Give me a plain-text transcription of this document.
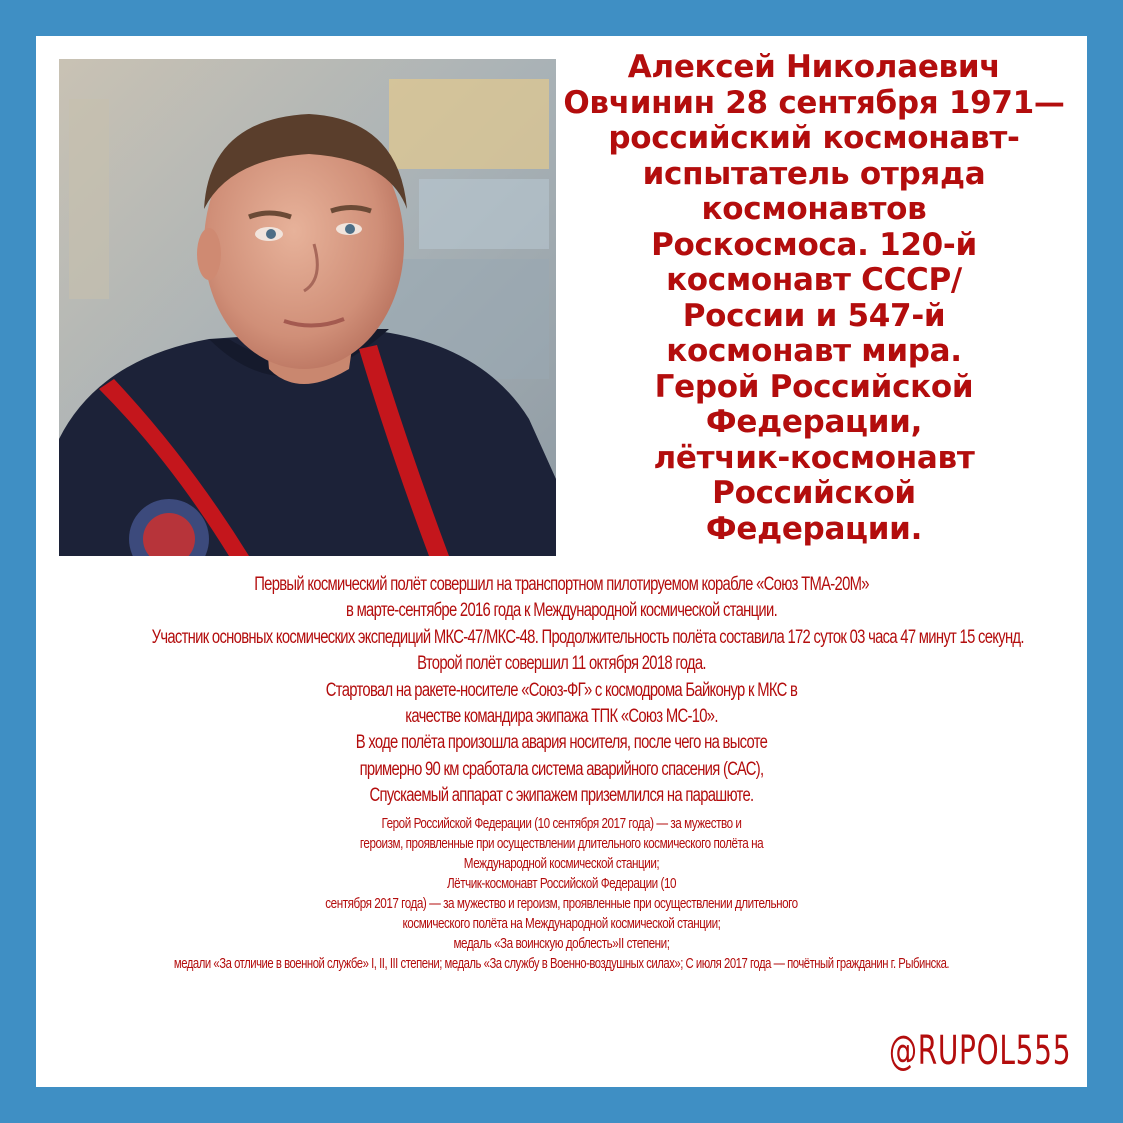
Алексей Николаевич
Овчинин 28 сентября 1971—
российский космонавт-
испытатель отряда
космонавтов
Роскосмоса. 120-й
космонавт СССР/
России и 547-й
космонавт мира.
Герой Российской
Федерации,
лётчик-космонавт
Российской
Федерации.
Первый космический полёт совершил на транспортном пилотируемом корабле «Союз ТМА-20М»
в марте-сентябре 2016 года к Международной космической станции.
Участник основных космических экспедиций МКС-47/МКС-48. Продолжительность полёта составила 172 суток 03 часа 47 минут 15 секунд.
Второй полёт совершил 11 октября 2018 года.
Стартовал на ракете-носителе «Союз-ФГ» с космодрома Байконур к МКС в
качестве командира экипажа ТПК «Союз МС-10».
В ходе полёта произошла авария носителя, после чего на высоте
примерно 90 км сработала система аварийного спасения (САС),
Спускаемый аппарат с экипажем приземлился на парашюте.
Герой Российской Федерации (10 сентября 2017 года) — за мужество и
героизм, проявленные при осуществлении длительного космического полёта на
Международной космической станции;
Лётчик-космонавт Российской Федерации (10
сентября 2017 года) — за мужество и героизм, проявленные при осуществлении длительного
космического полёта на Международной космической станции;
медаль «За воинскую доблесть»II степени;
медали «За отличие в военной службе» I, II, III степени; медаль «За службу в Военно-воздушных силах»; С июля 2017 года — почётный гражданин г. Рыбинска.
@RUPOL555
